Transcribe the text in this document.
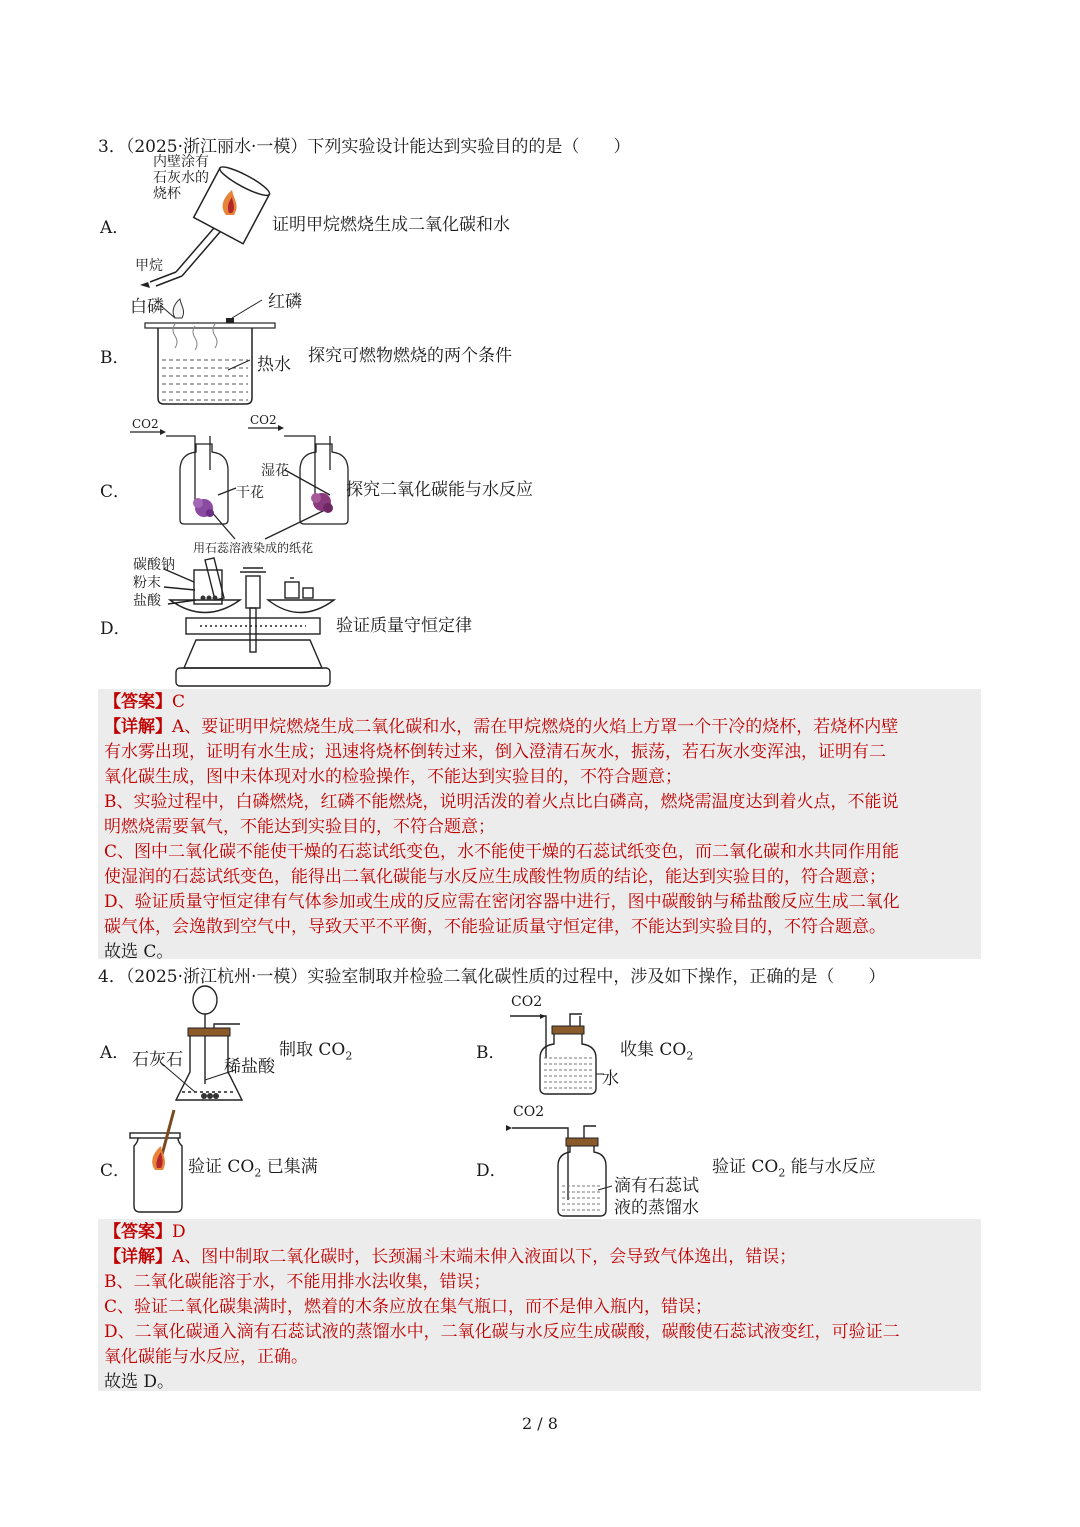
3．（2025·浙江丽水·一模）下列实验设计能达到实验目的的是（　　）
A．	证明甲烷燃烧生成二氧化碳和水
内壁涂有
石灰水的
烧杯
甲烷
B．	探究可燃物燃烧的两个条件
白磷	红磷
热水
C．	探究二氧化碳能与水反应
CO2	CO2
干花
湿花
用石蕊溶液染成的纸花
D．	验证质量守恒定律
碳酸钠
粉末
盐酸
【答案】C
【详解】A、要证明甲烷燃烧生成二氧化碳和水，需在甲烷燃烧的火焰上方罩一个干冷的烧杯，若烧杯内壁
有水雾出现，证明有水生成；迅速将烧杯倒转过来，倒入澄清石灰水，振荡，若石灰水变浑浊，证明有二
氧化碳生成，图中未体现对水的检验操作，不能达到实验目的，不符合题意；
B、实验过程中，白磷燃烧，红磷不能燃烧，说明活泼的着火点比白磷高，燃烧需温度达到着火点，不能说
明燃烧需要氧气，不能达到实验目的，不符合题意；
C、图中二氧化碳不能使干燥的石蕊试纸变色，水不能使干燥的石蕊试纸变色，而二氧化碳和水共同作用能
使湿润的石蕊试纸变色，能得出二氧化碳能与水反应生成酸性物质的结论，能达到实验目的，符合题意；
D、验证质量守恒定律有气体参加或生成的反应需在密闭容器中进行，图中碳酸钠与稀盐酸反应生成二氧化
碳气体，会逸散到空气中，导致天平不平衡，不能验证质量守恒定律，不能达到实验目的，不符合题意。
故选 C。
4．（2025·浙江杭州·一模）实验室制取并检验二氧化碳性质的过程中，涉及如下操作，正确的是（　　）
A．	制取 $CO_2$
石灰石 稀盐酸
B．	收集 $CO_2$
CO2
水
C．	验证 $CO_2$ 已集满	D．	验证 $CO_2$ 能与水反应
CO2
滴有石蕊试
液的蒸馏水
【答案】D
【详解】A、图中制取二氧化碳时，长颈漏斗末端未伸入液面以下，会导致气体逸出，错误；
B、二氧化碳能溶于水，不能用排水法收集，错误；
C、验证二氧化碳集满时，燃着的木条应放在集气瓶口，而不是伸入瓶内，错误；
D、二氧化碳通入滴有石蕊试液的蒸馏水中，二氧化碳与水反应生成碳酸，碳酸使石蕊试液变红，可验证二
氧化碳能与水反应，正确。
故选 D。
2 / 8
